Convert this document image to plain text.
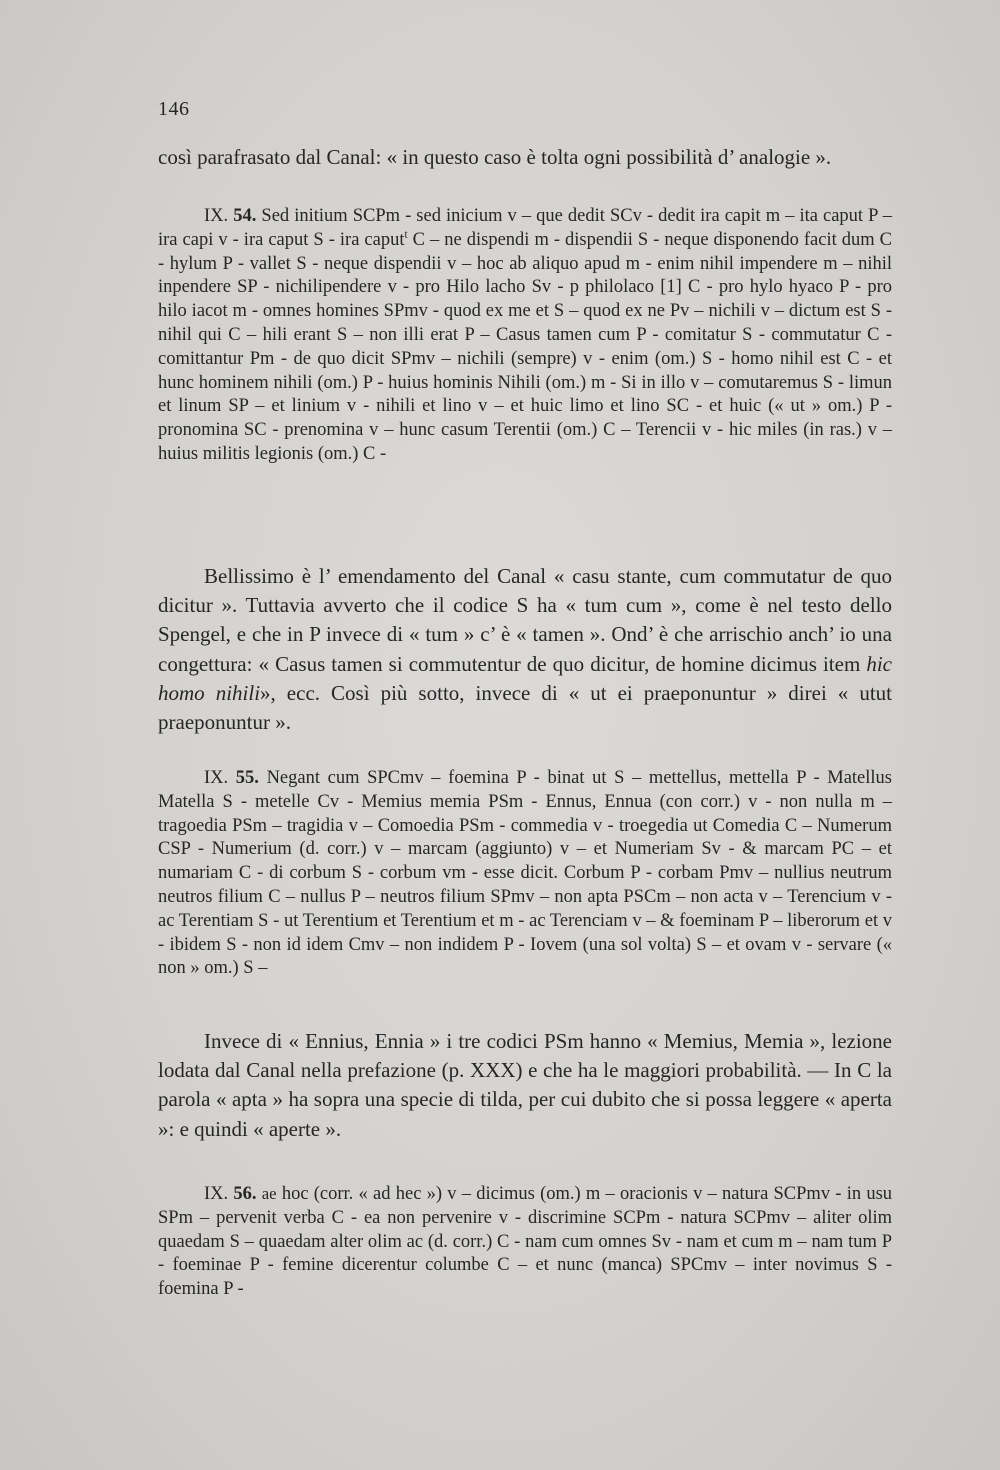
146

così parafrasato dal Canal: « in questo caso è tolta ogni possibilità d’ analogie ».

IX. 54. Sed initium SCPm - sed inicium v – que dedit SCv - dedit ira capit m – ita caput P – ira capi v - ira caput S - ira caput$^t$ C – ne dispendi m - dispendii S - neque disponendo facit dum C - hylum P - vallet S - neque dispendii v – hoc ab aliquo apud m - enim nihil impendere m – nihil inpendere SP - nichilipendere v - pro Hilo lacho Sv - p philolaco [1] C - pro hylo hyaco P - pro hilo iacot m - omnes homines SPmv - quod ex me et S – quod ex ne Pv – nichili v – dictum est S - nihil qui C – hili erant S – non illi erat P – Casus tamen cum P - comitatur S - commutatur C - comittantur Pm - de quo dicit SPmv – nichili (sempre) v - enim (om.) S - homo nihil est C - et hunc hominem nihili (om.) P - huius hominis Nihili (om.) m - Si in illo v – comutaremus S - limun et linum SP – et linium v - nihili et lino v – et huic limo et lino SC - et huic (« ut » om.) P - pronomina SC - prenomina v – hunc casum Terentii (om.) C – Terencii v - hic miles (in ras.) v – huius militis legionis (om.) C -

Bellissimo è l’ emendamento del Canal « casu stante, cum commutatur de quo dicitur ». Tuttavia avverto che il codice S ha « tum cum », come è nel testo dello Spengel, e che in P invece di « tum » c’ è « tamen ». Ond’ è che arrischio anch’ io una congettura: « Casus tamen si commutentur de quo dicitur, de homine dicimus item hic homo nihili», ecc. Così più sotto, invece di « ut ei praeponuntur » direi « utut praeponuntur ».

IX. 55. Negant cum SPCmv – foemina P - binat ut S – mettellus, mettella P - Matellus Matella S - metelle Cv - Memius memia PSm - Ennus, Ennua (con corr.) v - non nulla m – tragoedia PSm – tragidia v – Comoedia PSm - commedia v - troegedia ut Comedia C – Numerum CSP - Numerium (d. corr.) v – marcam (aggiunto) v – et Numeriam Sv - & marcam PC – et numariam C - di corbum S - corbum vm - esse dicit. Corbum P - corbam Pmv – nullius neutrum neutros filium C – nullus P – neutros filium SPmv – non apta PSCm – non acta v – Terencium v - ac Terentiam S - ut Terentium et Terentium et m - ac Terenciam v – & foeminam P – liberorum et v - ibidem S - non id idem Cmv – non indidem P - Iovem (una sol volta) S – et ovam v - servare (« non » om.) S –

Invece di « Ennius, Ennia » i tre codici PSm hanno « Memius, Memia », lezione lodata dal Canal nella prefazione (p. XXX) e che ha le maggiori probabilità. — In C la parola « apta » ha sopra una specie di tilda, per cui dubito che si possa leggere « aperta »: e quindi « aperte ».

IX. 56. ae hoc (corr. « ad hec ») v – dicimus (om.) m – oracionis v – natura SCPmv - in usu SPm – pervenit verba C - ea non pervenire v - discrimine SCPm - natura SCPmv – aliter olim quaedam S – quaedam alter olim ac (d. corr.) C - nam cum omnes Sv - nam et cum m – nam tum P - foeminae P - femine dicerentur columbe C – et nunc (manca) SPCmv – inter novimus S - foemina P -
